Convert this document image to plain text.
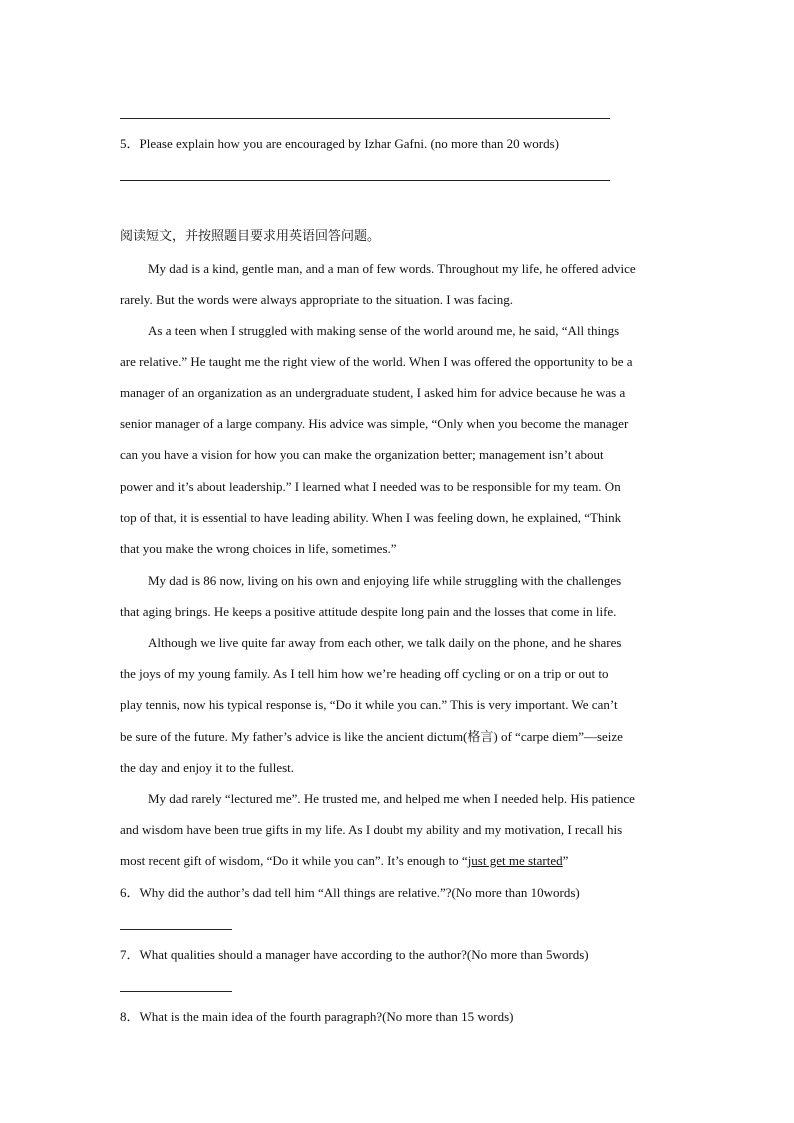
5．Please explain how you are encouraged by Izhar Gafni. (no more than 20 words)
阅读短文，并按照题目要求用英语回答问题。
My dad is a kind, gentle man, and a man of few words. Throughout my life, he offered advice
rarely. But the words were always appropriate to the situation. I was facing.
As a teen when I struggled with making sense of the world around me, he said, “All things
are relative.” He taught me the right view of the world. When I was offered the opportunity to be a
manager of an organization as an undergraduate student, I asked him for advice because he was a
senior manager of a large company. His advice was simple, “Only when you become the manager
can you have a vision for how you can make the organization better; management isn’t about
power and it’s about leadership.” I learned what I needed was to be responsible for my team. On
top of that, it is essential to have leading ability. When I was feeling down, he explained, “Think
that you make the wrong choices in life, sometimes.”
My dad is 86 now, living on his own and enjoying life while struggling with the challenges
that aging brings. He keeps a positive attitude despite long pain and the losses that come in life.
Although we live quite far away from each other, we talk daily on the phone, and he shares
the joys of my young family. As I tell him how we’re heading off cycling or on a trip or out to
play tennis, now his typical response is, “Do it while you can.” This is very important. We can’t
be sure of the future. My father’s advice is like the ancient dictum(格言) of “carpe diem”—seize
the day and enjoy it to the fullest.
My dad rarely “lectured me”. He trusted me, and helped me when I needed help. His patience
and wisdom have been true gifts in my life. As I doubt my ability and my motivation, I recall his
most recent gift of wisdom, “Do it while you can”. It’s enough to “just get me started”
6．Why did the author’s dad tell him “All things are relative.”?(No more than 10words)
7．What qualities should a manager have according to the author?(No more than 5words)
8．What is the main idea of the fourth paragraph?(No more than 15 words)
